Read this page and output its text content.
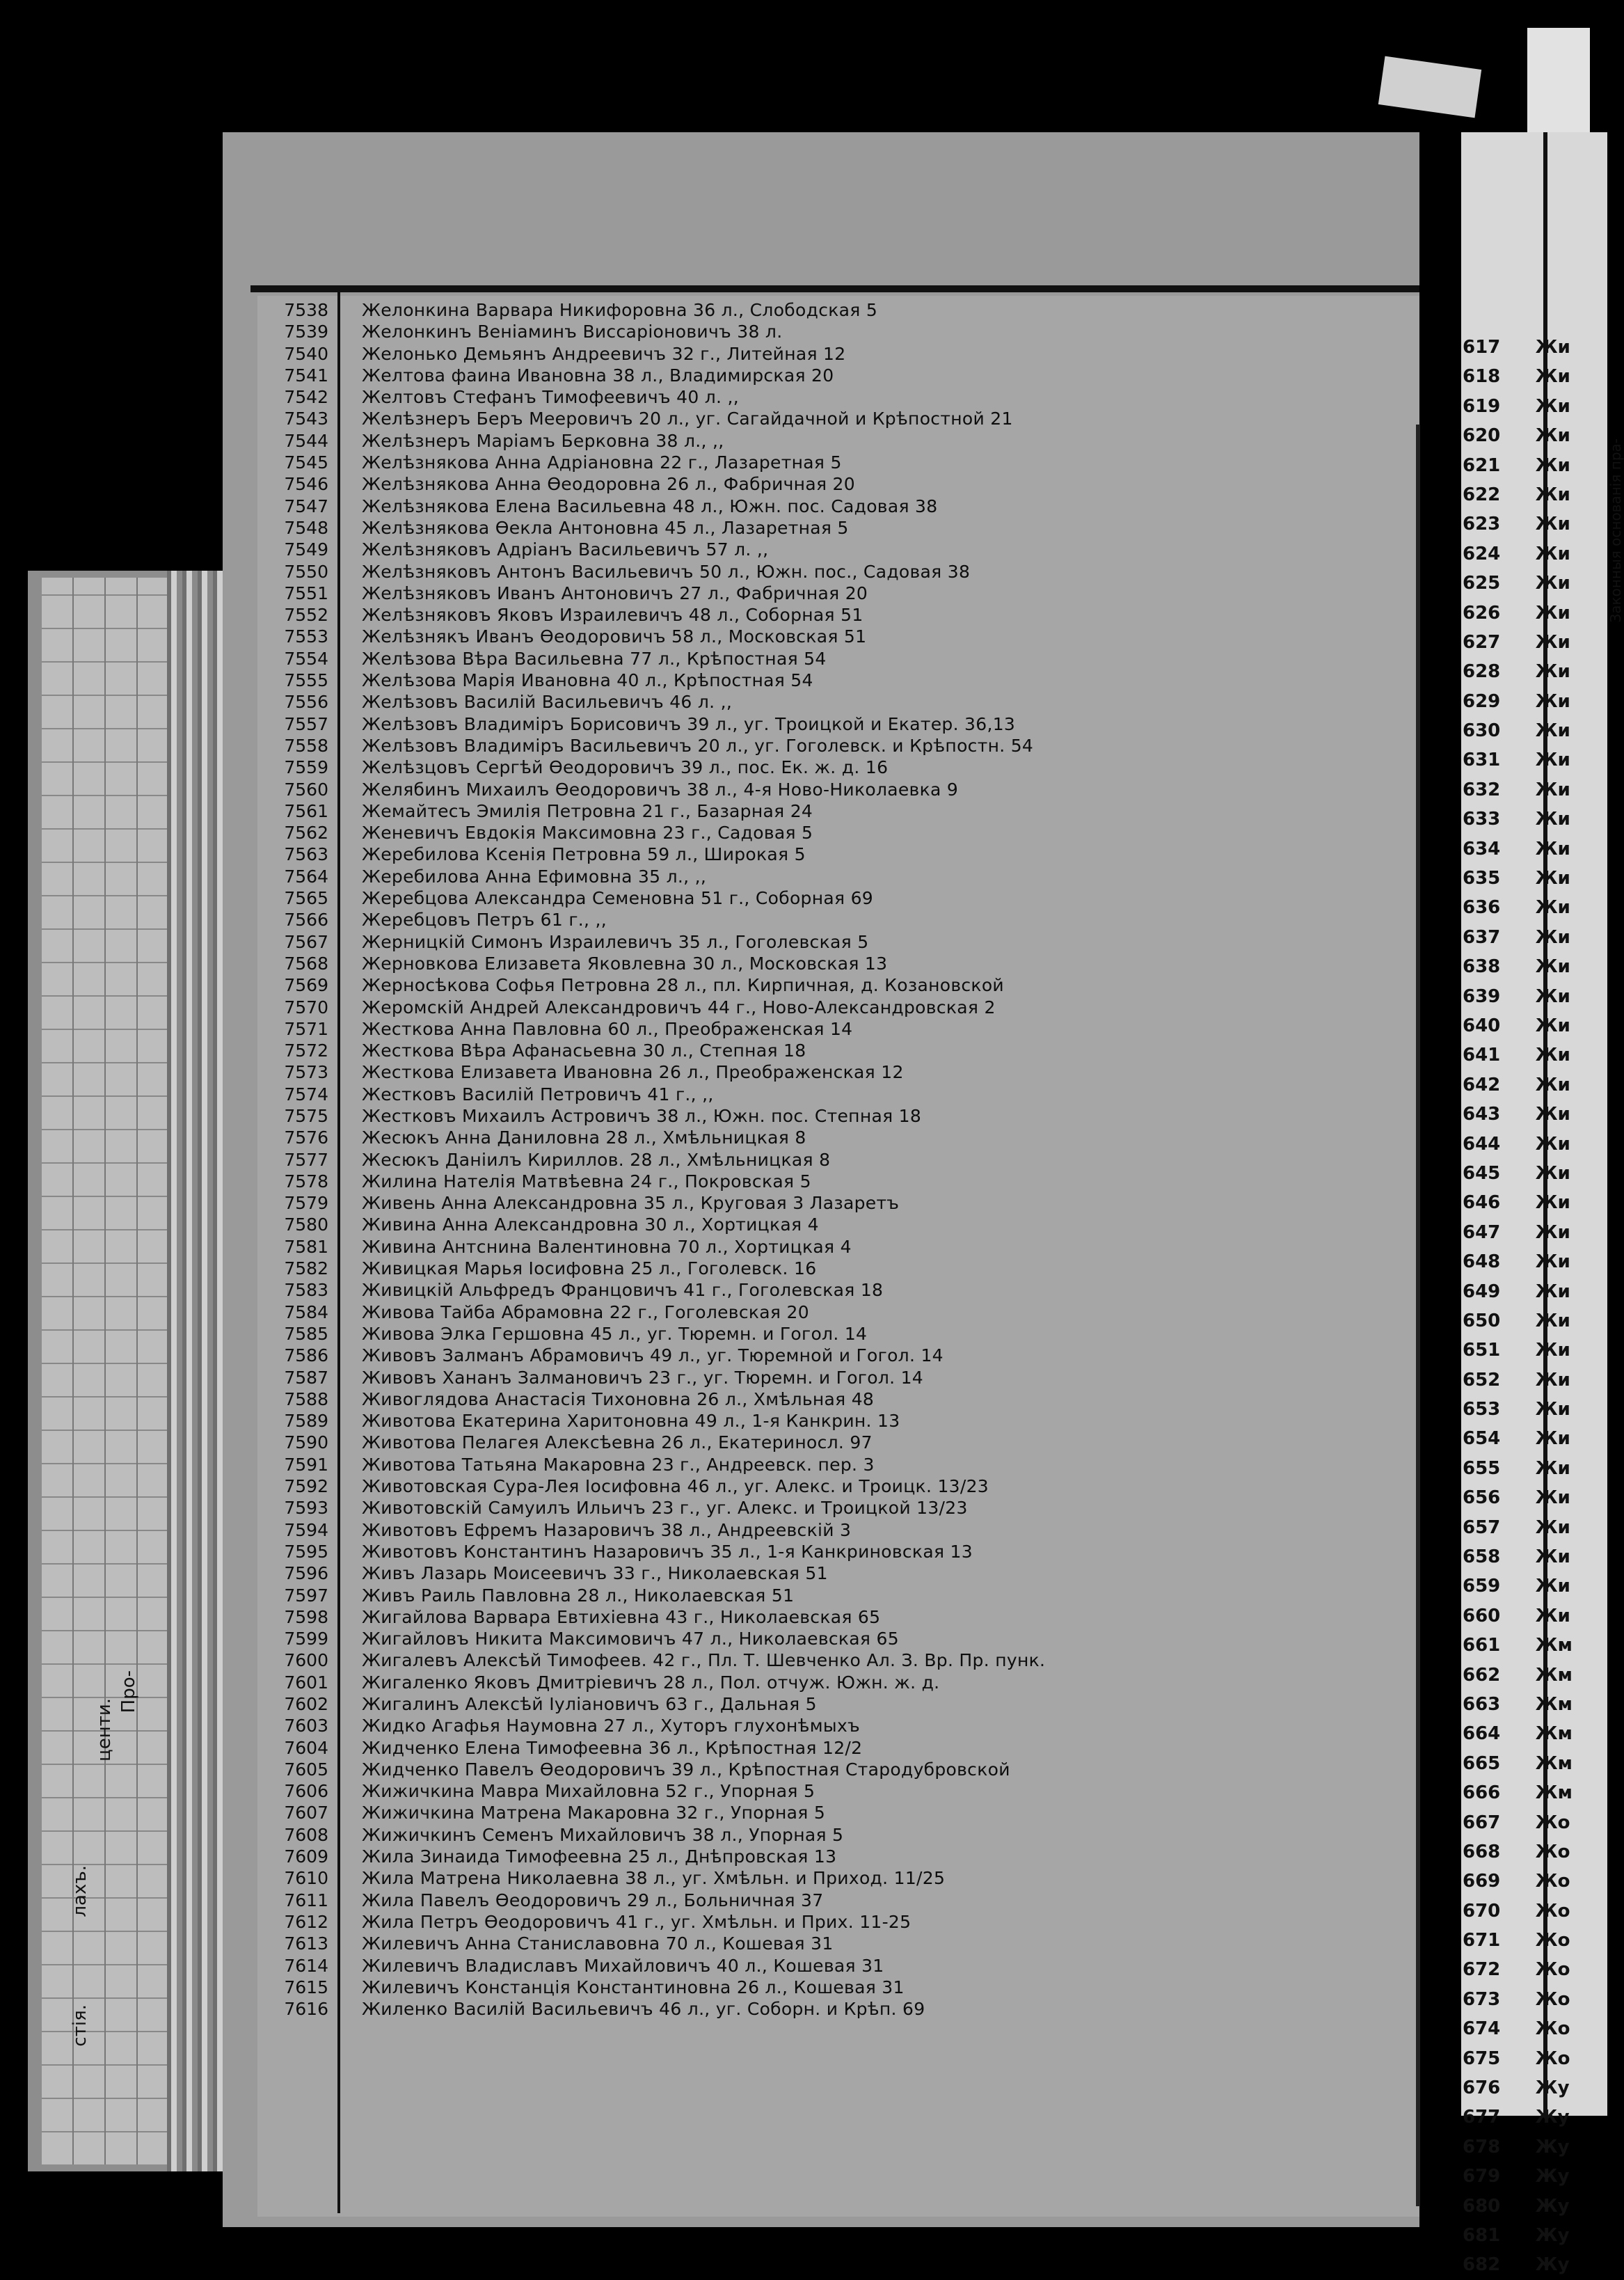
Про-
центи.
лахъ.
стія.
617	Жи
618	Жи
619	Жи
620	Жи
621	Жи
622	Жи
623	Жи
624	Жи
625	Жи
626	Жи
627	Жи
628	Жи
629	Жи
630	Жи
631	Жи
632	Жи
633	Жи
634	Жи
635	Жи
636	Жи
637	Жи
638	Жи
639	Жи
640	Жи
641	Жи
642	Жи
643	Жи
644	Жи
645	Жи
646	Жи
647	Жи
648	Жи
649	Жи
650	Жи
651	Жи
652	Жи
653	Жи
654	Жи
655	Жи
656	Жи
657	Жи
658	Жи
659	Жи
660	Жи
661	Жм
662	Жм
663	Жм
664	Жм
665	Жм
666	Жм
667	Жо
668	Жо
669	Жо
670	Жо
671	Жо
672	Жо
673	Жо
674	Жо
675	Жо
676	Жу
677	Жу
678	Жу
679	Жу
680	Жу
681	Жу
682	Жу
Законныя основанія пра-
7538 Желонкина Варвара Никифоровна 36 л., Слободская 5
7539 Желонкинъ Веніаминъ Виссаріоновичъ 38 л.
7540 Желонько Демьянъ Андреевичъ 32 г., Литейная 12
7541 Желтова фаина Ивановна 38 л., Владимирская 20
7542 Желтовъ Стефанъ Тимофеевичъ 40 л. ,,
7543 Желѣзнеръ Беръ Мееровичъ 20 л., уг. Сагайдачной и Крѣпостной 21
7544 Желѣзнеръ Маріамъ Берковна 38 л., ,,
7545 Желѣзнякова Анна Адріановна 22 г., Лазаретная 5
7546 Желѣзнякова Анна Ѳеодоровна 26 л., Фабричная 20
7547 Желѣзнякова Елена Васильевна 48 л., Южн. пос. Садовая 38
7548 Желѣзнякова Ѳекла Антоновна 45 л., Лазаретная 5
7549 Желѣзняковъ Адріанъ Васильевичъ 57 л. ,,
7550 Желѣзняковъ Антонъ Васильевичъ 50 л., Южн. пос., Садовая 38
7551 Желѣзняковъ Иванъ Антоновичъ 27 л., Фабричная 20
7552 Желѣзняковъ Яковъ Израилевичъ 48 л., Соборная 51
7553 Желѣзнякъ Иванъ Ѳеодоровичъ 58 л., Московская 51
7554 Желѣзова Вѣра Васильевна 77 л., Крѣпостная 54
7555 Желѣзова Марія Ивановна 40 л., Крѣпостная 54
7556 Желѣзовъ Василій Васильевичъ 46 л. ,,
7557 Желѣзовъ Владиміръ Борисовичъ 39 л., уг. Троицкой и Екатер. 36,13
7558 Желѣзовъ Владиміръ Васильевичъ 20 л., уг. Гоголевск. и Крѣпостн. 54
7559 Желѣзцовъ Сергѣй Ѳеодоровичъ 39 л., пос. Ек. ж. д. 16
7560 Желябинъ Михаилъ Ѳеодоровичъ 38 л., 4-я Ново-Николаевка 9
7561 Жемайтесъ Эмилія Петровна 21 г., Базарная 24
7562 Женевичъ Евдокія Максимовна 23 г., Садовая 5
7563 Жеребилова Ксенія Петровна 59 л., Широкая 5
7564 Жеребилова Анна Ефимовна 35 л., ,,
7565 Жеребцова Александра Семеновна 51 г., Соборная 69
7566 Жеребцовъ Петръ 61 г., ,,
7567 Жерницкій Симонъ Израилевичъ 35 л., Гоголевская 5
7568 Жерновкова Елизавета Яковлевна 30 л., Московская 13
7569 Жерносѣкова Софья Петровна 28 л., пл. Кирпичная, д. Козановской
7570 Жеромскій Андрей Александровичъ 44 г., Ново-Александровская 2
7571 Жесткова Анна Павловна 60 л., Преображенская 14
7572 Жесткова Вѣра Афанасьевна 30 л., Степная 18
7573 Жесткова Елизавета Ивановна 26 л., Преображенская 12
7574 Жестковъ Василій Петровичъ 41 г., ,,
7575 Жестковъ Михаилъ Астровичъ 38 л., Южн. пос. Степная 18
7576 Жесюкъ Анна Даниловна 28 л., Хмѣльницкая 8
7577 Жесюкъ Даніилъ Кириллов. 28 л., Хмѣльницкая 8
7578 Жилина Нателія Матвѣевна 24 г., Покровская 5
7579 Живень Анна Александровна 35 л., Круговая 3 Лазаретъ
7580 Живина Анна Александровна 30 л., Хортицкая 4
7581 Живина Антснина Валентиновна 70 л., Хортицкая 4
7582 Живицкая Марья Іосифовна 25 л., Гоголевск. 16
7583 Живицкій Альфредъ Францовичъ 41 г., Гоголевская 18
7584 Живова Тайба Абрамовна 22 г., Гоголевская 20
7585 Живова Элка Гершовна 45 л., уг. Тюремн. и Гогол. 14
7586 Живовъ Залманъ Абрамовичъ 49 л., уг. Тюремной и Гогол. 14
7587 Живовъ Хананъ Залмановичъ 23 г., уг. Тюремн. и Гогол. 14
7588 Живоглядова Анастасія Тихоновна 26 л., Хмѣльная 48
7589 Животова Екатерина Харитоновна 49 л., 1-я Канкрин. 13
7590 Животова Пелагея Алексѣевна 26 л., Екатериносл. 97
7591 Животова Татьяна Макаровна 23 г., Андреевск. пер. 3
7592 Животовская Сура-Лея Іосифовна 46 л., уг. Алекс. и Троицк. 13/23
7593 Животовскій Самуилъ Ильичъ 23 г., уг. Алекс. и Троицкой 13/23
7594 Животовъ Ефремъ Назаровичъ 38 л., Андреевскій 3
7595 Животовъ Константинъ Назаровичъ 35 л., 1-я Канкриновская 13
7596 Живъ Лазарь Моисеевичъ 33 г., Николаевская 51
7597 Живъ Раиль Павловна 28 л., Николаевская 51
7598 Жигайлова Варвара Евтихіевна 43 г., Николаевская 65
7599 Жигайловъ Никита Максимовичъ 47 л., Николаевская 65
7600 Жигалевъ Алексѣй Тимофеев. 42 г., Пл. Т. Шевченко Ал. З. Вр. Пр. пунк.
7601 Жигаленко Яковъ Дмитріевичъ 28 л., Пол. отчуж. Южн. ж. д.
7602 Жигалинъ Алексѣй Іуліановичъ 63 г., Дальная 5
7603 Жидко Агафья Наумовна 27 л., Хуторъ глухонѣмыхъ
7604 Жидченко Елена Тимофеевна 36 л., Крѣпостная 12/2
7605 Жидченко Павелъ Ѳеодоровичъ 39 л., Крѣпостная Стародубровской
7606 Жижичкина Мавра Михайловна 52 г., Упорная 5
7607 Жижичкина Матрена Макаровна 32 г., Упорная 5
7608 Жижичкинъ Семенъ Михайловичъ 38 л., Упорная 5
7609 Жила Зинаида Тимофеевна 25 л., Днѣпровская 13
7610 Жила Матрена Николаевна 38 л., уг. Хмѣльн. и Приход. 11/25
7611 Жила Павелъ Ѳеодоровичъ 29 л., Больничная 37
7612 Жила Петръ Ѳеодоровичъ 41 г., уг. Хмѣльн. и Прих. 11-25
7613 Жилевичъ Анна Станиславовна 70 л., Кошевая 31
7614 Жилевичъ Владиславъ Михайловичъ 40 л., Кошевая 31
7615 Жилевичъ Констанція Константиновна 26 л., Кошевая 31
7616 Жиленко Василій Васильевичъ 46 л., уг. Соборн. и Крѣп. 69
